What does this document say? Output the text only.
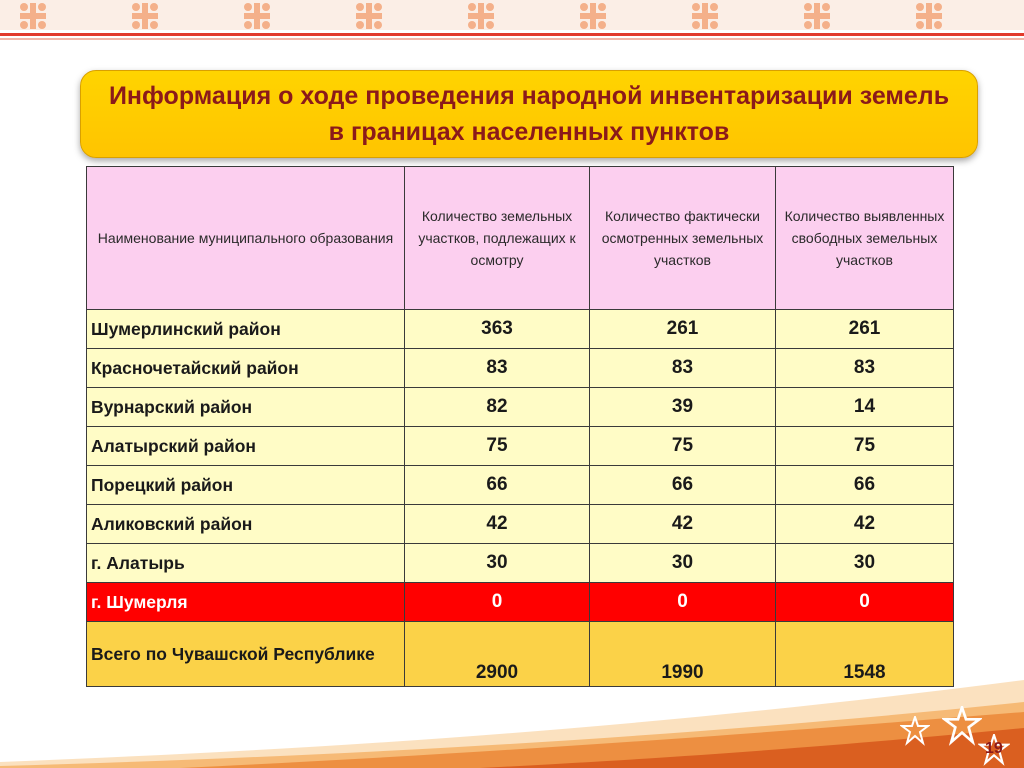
Информация о ходе проведения народной инвентаризации земель в границах населенных пунктов
Наименование муниципального образования	Количество земельных участков, подлежащих к осмотру	Количество фактически осмотренных земельных участков	Количество выявленных свободных земельных участков
Шумерлинский район	363	261	261
Красночетайский район	83	83	83
Вурнарский район	82	39	14
Алатырский район	75	75	75
Порецкий район	66	66	66
Аликовский район	42	42	42
г. Алатырь	30	30	30
г. Шумерля	0	0	0
Всего по Чувашской Республике	2900	1990	1548
19
